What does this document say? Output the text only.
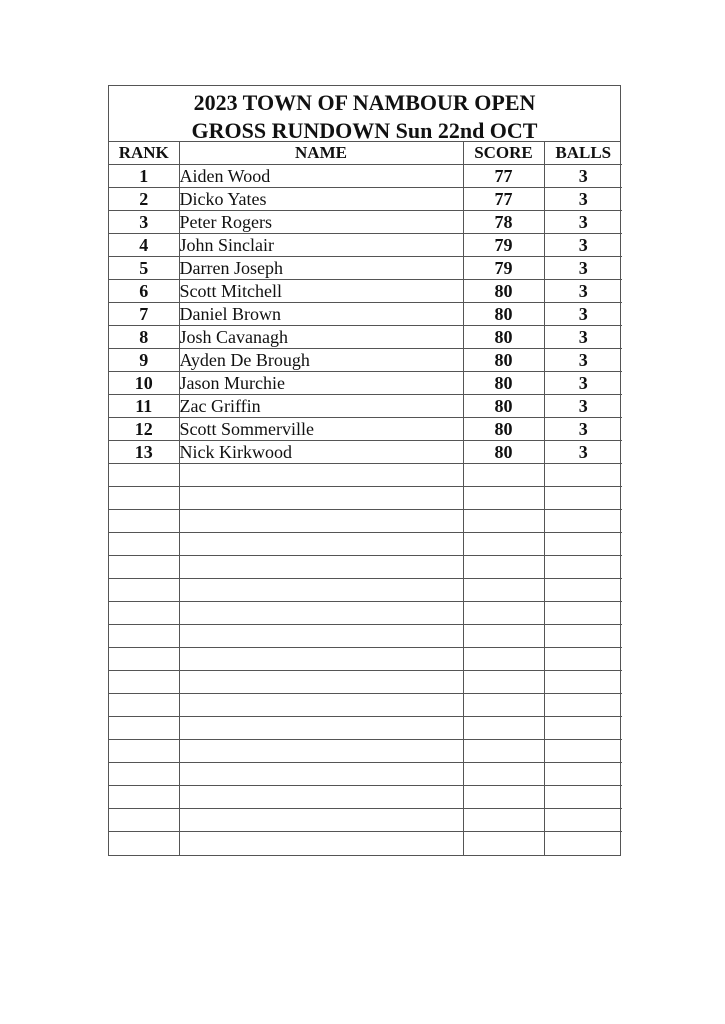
2023 TOWN OF NAMBOUR OPEN
GROSS RUNDOWN Sun 22nd OCT
RANK	NAME	SCORE	BALLS
1	Aiden Wood	77	3
2	Dicko Yates	77	3
3	Peter Rogers	78	3
4	John Sinclair	79	3
5	Darren Joseph	79	3
6	Scott Mitchell	80	3
7	Daniel Brown	80	3
8	Josh Cavanagh	80	3
9	Ayden De Brough	80	3
10	Jason Murchie	80	3
11	Zac Griffin	80	3
12	Scott Sommerville	80	3
13	Nick Kirkwood	80	3
